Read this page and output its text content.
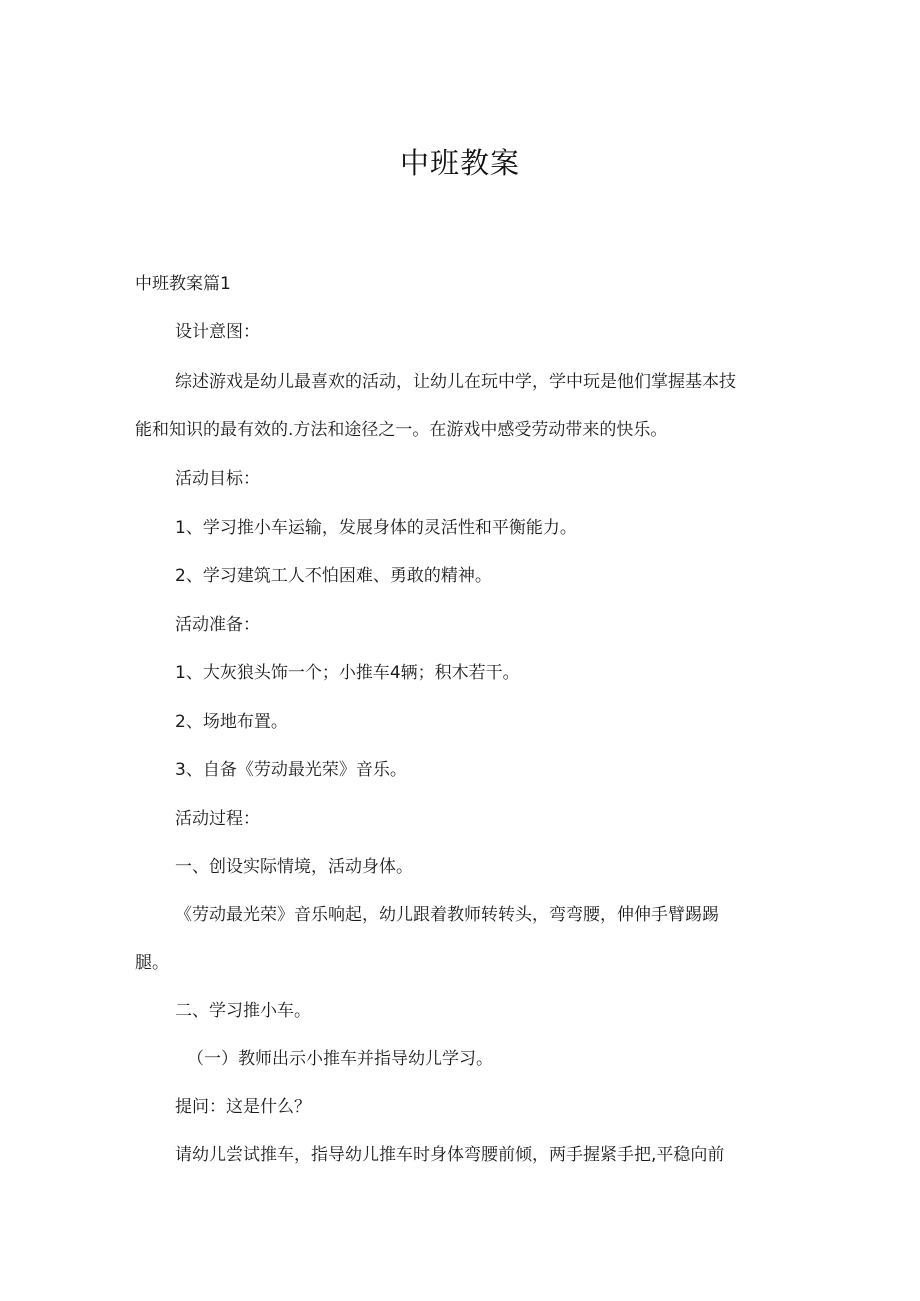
中班教案
中班教案篇1
设计意图：
综述游戏是幼儿最喜欢的活动，让幼儿在玩中学，学中玩是他们掌握基本技
能和知识的最有效的.方法和途径之一。在游戏中感受劳动带来的快乐。
活动目标：
1、学习推小车运输，发展身体的灵活性和平衡能力。
2、学习建筑工人不怕困难、勇敢的精神。
活动准备：
1、大灰狼头饰一个；小推车4辆；积木若干。
2、场地布置。
3、自备《劳动最光荣》音乐。
活动过程：
一、创设实际情境，活动身体。
《劳动最光荣》音乐响起，幼儿跟着教师转转头，弯弯腰，伸伸手臂踢踢
腿。
二、学习推小车。
（一）教师出示小推车并指导幼儿学习。
提问：这是什么？
请幼儿尝试推车，指导幼儿推车时身体弯腰前倾，两手握紧手把,平稳向前
